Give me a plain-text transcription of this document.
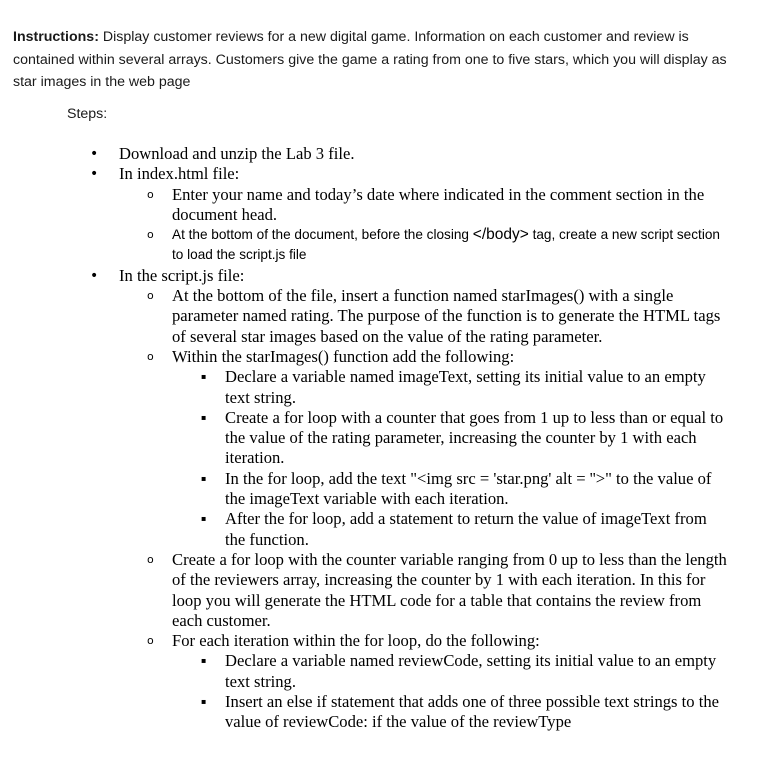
Instructions: Display customer reviews for a new digital game. Information on each customer and review is contained within several arrays. Customers give the game a rating from one to five stars, which you will display as star images in the web page

Steps:

• Download and unzip the Lab 3 file.
• In index.html file:
o Enter your name and today’s date where indicated in the comment section in the document head.
o At the bottom of the document, before the closing </body> tag, create a new script section to load the script.js file
• In the script.js file:
o At the bottom of the file, insert a function named starImages() with a single parameter named rating. The purpose of the function is to generate the HTML tags of several star images based on the value of the rating parameter.
o Within the starImages() function add the following:
▪ Declare a variable named imageText, setting its initial value to an empty text string.
▪ Create a for loop with a counter that goes from 1 up to less than or equal to the value of the rating parameter, increasing the counter by 1 with each iteration.
▪ In the for loop, add the text "<img src = 'star.png' alt = ''>" to the value of the imageText variable with each iteration.
▪ After the for loop, add a statement to return the value of imageText from the function.
o Create a for loop with the counter variable ranging from 0 up to less than the length of the reviewers array, increasing the counter by 1 with each iteration. In this for loop you will generate the HTML code for a table that contains the review from each customer.
o For each iteration within the for loop, do the following:
▪ Declare a variable named reviewCode, setting its initial value to an empty text string.
▪ Insert an else if statement that adds one of three possible text strings to the value of reviewCode: if the value of the reviewType
